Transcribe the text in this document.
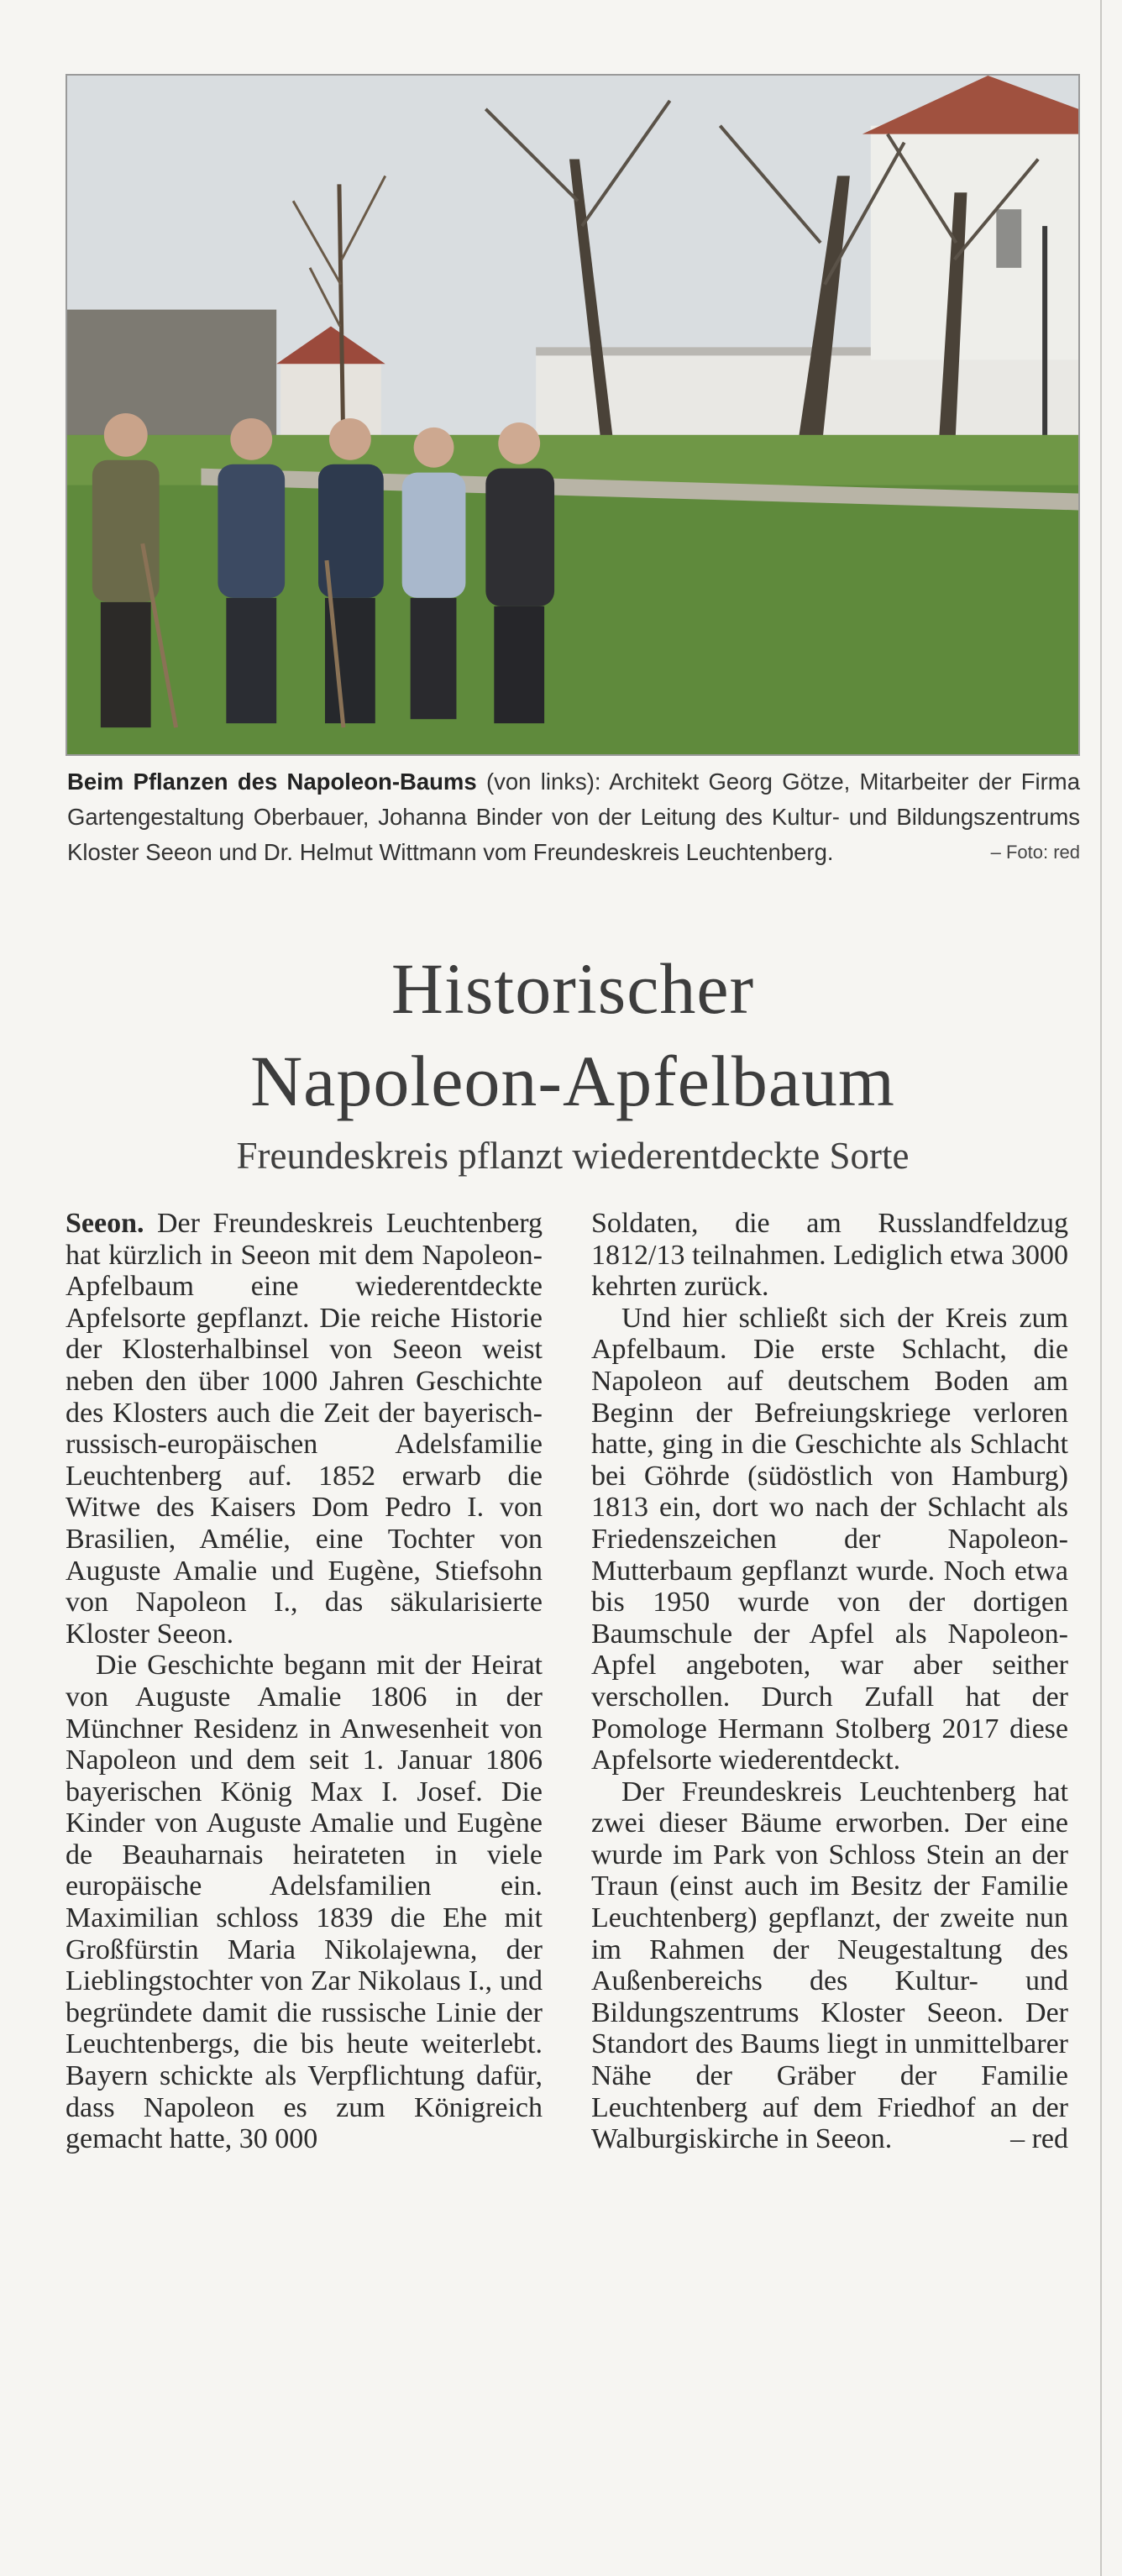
Beim Pflanzen des Napoleon-Baums (von links): Architekt Georg Götze, Mitarbeiter der Firma Gartengestaltung Oberbauer, Johanna Binder von der Leitung des Kultur- und Bildungszentrums Kloster Seeon und Dr. Helmut Wittmann vom Freundeskreis Leuchtenberg.	– Foto: red
Historischer
Napoleon-Apfelbaum
Freundeskreis pflanzt wiederentdeckte Sorte

Seeon. Der Freundeskreis Leuchtenberg hat kürzlich in Seeon mit dem Napoleon-Apfelbaum eine wiederentdeckte Apfelsorte gepflanzt. Die reiche Historie der Klosterhalbinsel von Seeon weist neben den über 1000 Jahren Geschichte des Klosters auch die Zeit der bayerisch-russisch-europäischen Adelsfamilie Leuchtenberg auf. 1852 erwarb die Witwe des Kaisers Dom Pedro I. von Brasilien, Amélie, eine Tochter von Auguste Amalie und Eugène, Stiefsohn von Napoleon I., das säkularisierte Kloster Seeon.

Die Geschichte begann mit der Heirat von Auguste Amalie 1806 in der Münchner Residenz in Anwesenheit von Napoleon und dem seit 1. Januar 1806 bayerischen König Max I. Josef. Die Kinder von Auguste Amalie und Eugène de Beauharnais heirateten in viele europäische Adelsfamilien ein. Maximilian schloss 1839 die Ehe mit Großfürstin Maria Nikolajewna, der Lieblingstochter von Zar Nikolaus I., und begründete damit die russische Linie der Leuchtenbergs, die bis heute weiterlebt. Bayern schickte als Verpflichtung dafür, dass Napoleon es zum Königreich gemacht hatte, 30 000

Soldaten, die am Russlandfeldzug 1812/13 teilnahmen. Lediglich etwa 3000 kehrten zurück.

Und hier schließt sich der Kreis zum Apfelbaum. Die erste Schlacht, die Napoleon auf deutschem Boden am Beginn der Befreiungskriege verloren hatte, ging in die Geschichte als Schlacht bei Göhrde (südöstlich von Hamburg) 1813 ein, dort wo nach der Schlacht als Friedenszeichen der Napoleon-Mutterbaum gepflanzt wurde. Noch etwa bis 1950 wurde von der dortigen Baumschule der Apfel als Napoleon-Apfel angeboten, war aber seither verschollen. Durch Zufall hat der Pomologe Hermann Stolberg 2017 diese Apfelsorte wiederentdeckt.

Der Freundeskreis Leuchtenberg hat zwei dieser Bäume erworben. Der eine wurde im Park von Schloss Stein an der Traun (einst auch im Besitz der Familie Leuchtenberg) gepflanzt, der zweite nun im Rahmen der Neugestaltung des Außenbereichs des Kultur- und Bildungszentrums Kloster Seeon. Der Standort des Baums liegt in unmittelbarer Nähe der Gräber der Familie Leuchtenberg auf dem Friedhof an der Walburgiskirche in Seeon.	– red
